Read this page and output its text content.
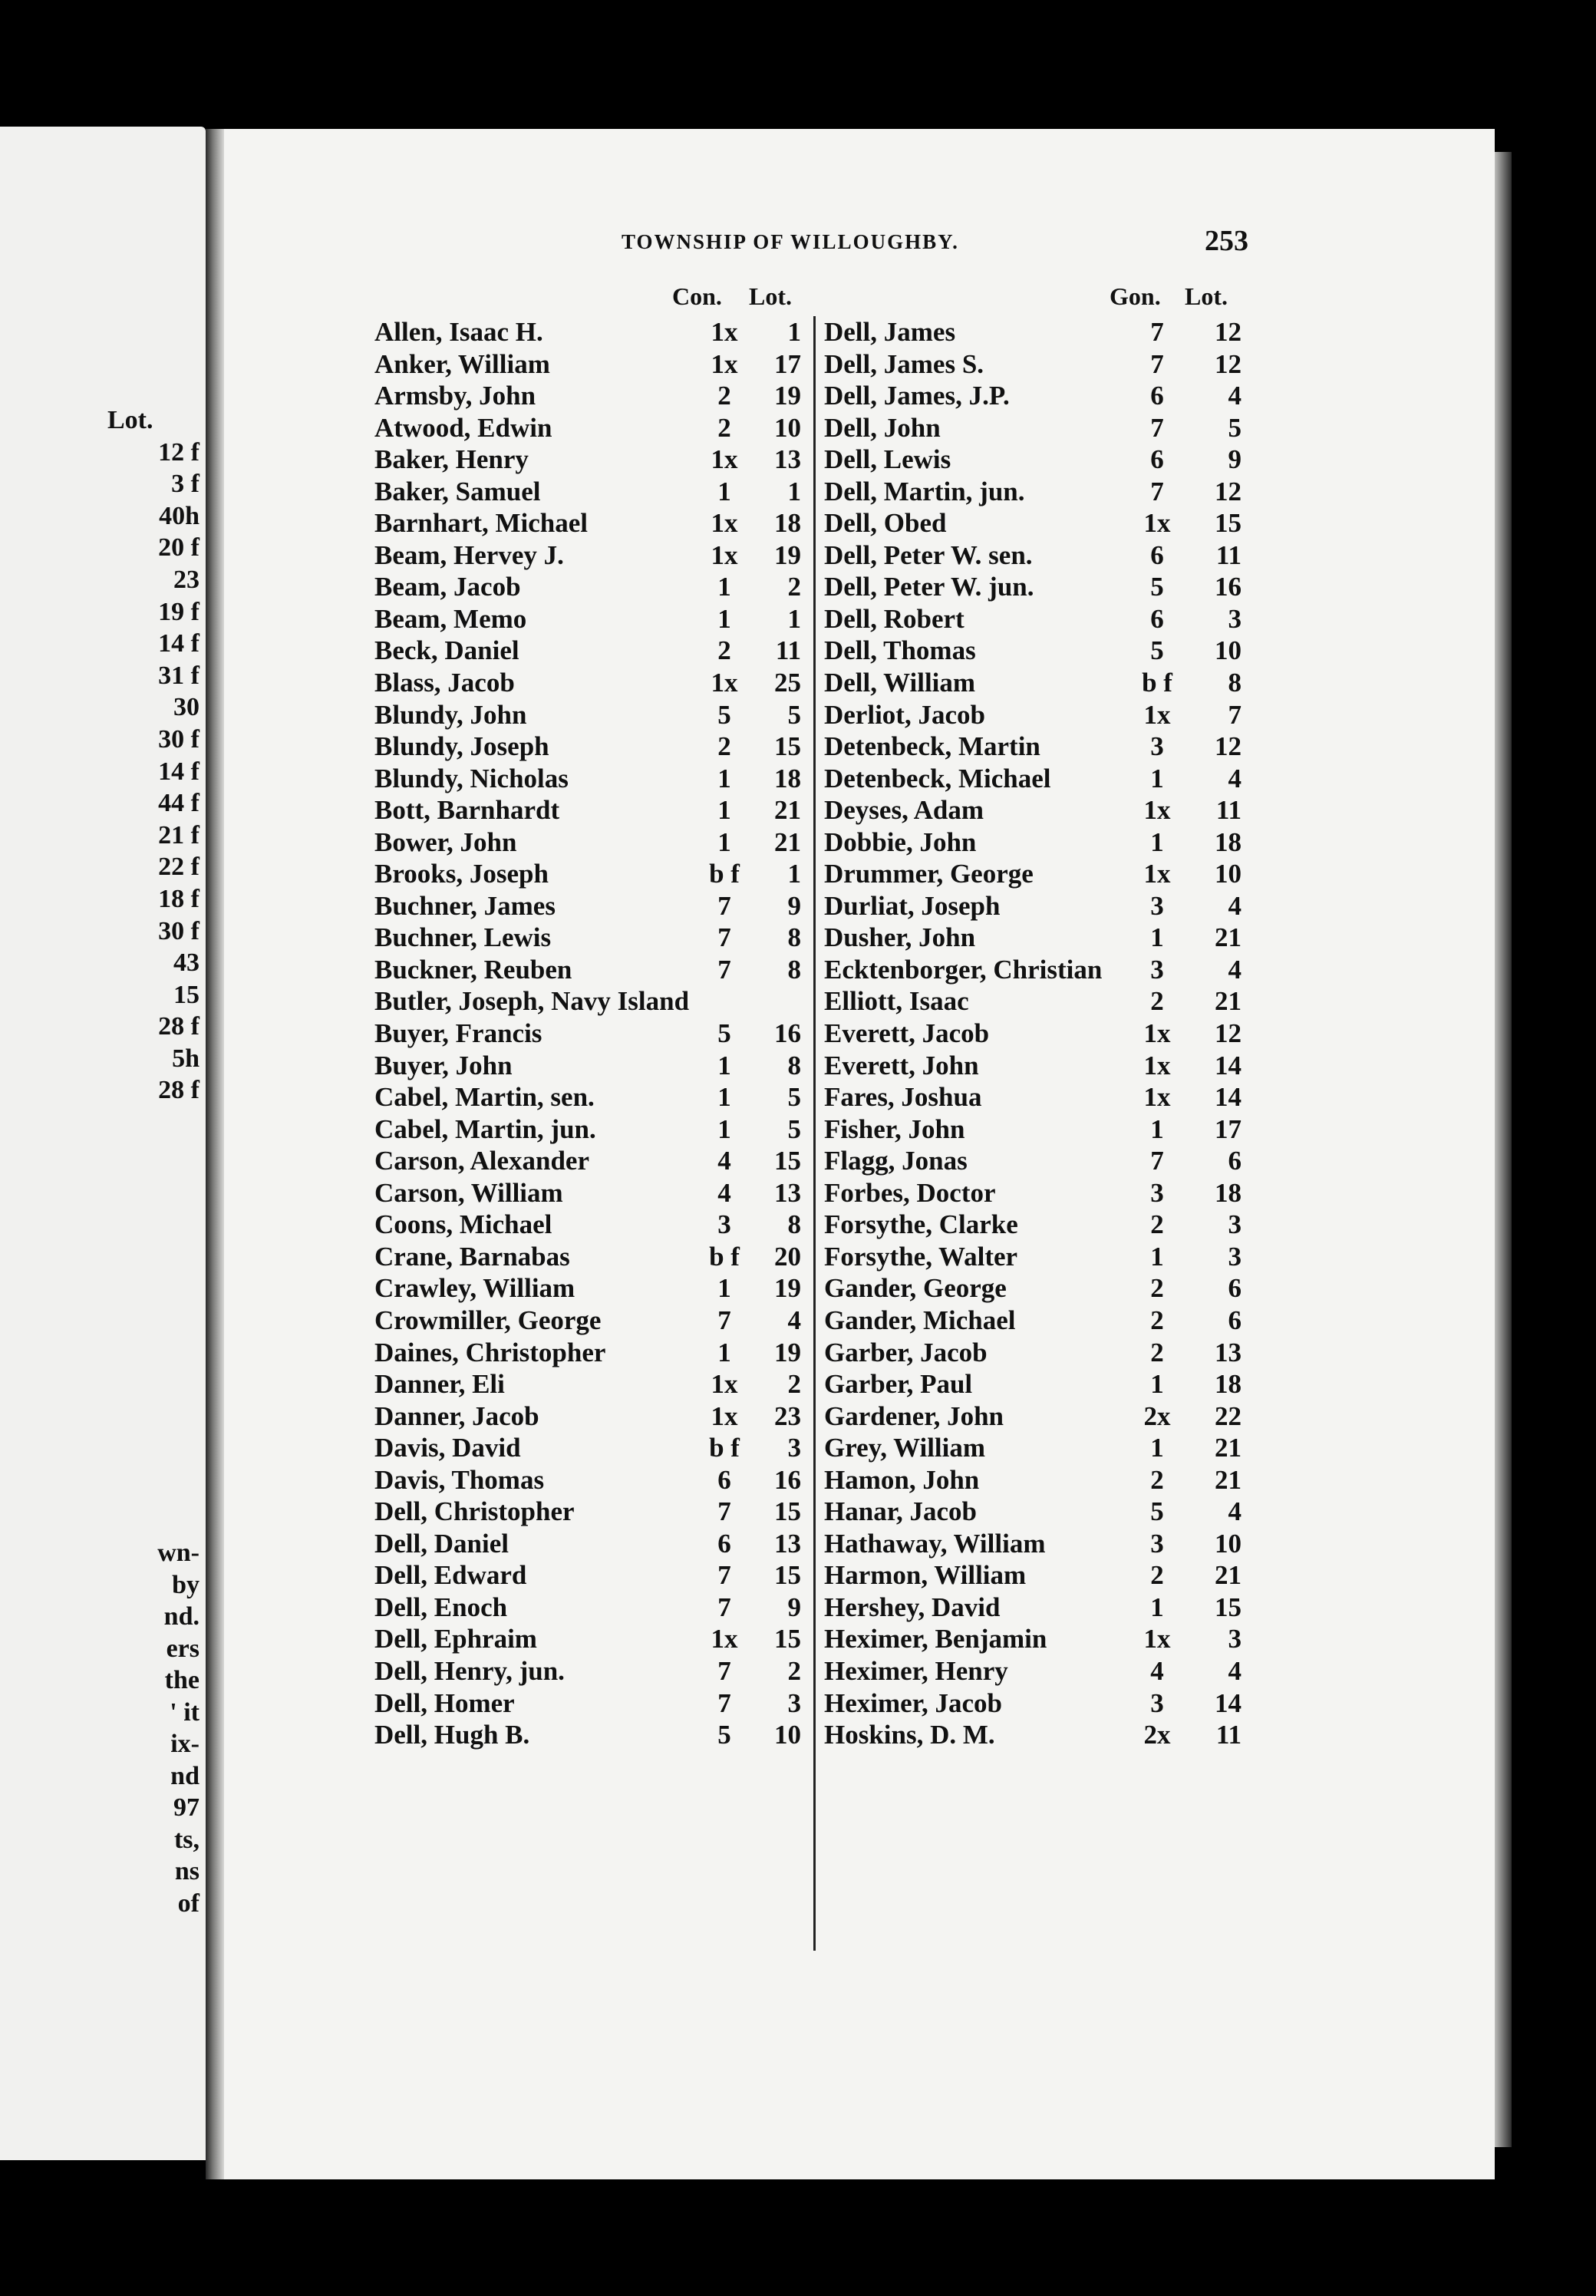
Lot.
12 f
3 f
40h
20 f
23
19 f
14 f
31 f
30
30 f
14 f
44 f
21 f
22 f
18 f
30 f
43
15
28 f
5h
28 f
wn-
by
nd.
ers
the
' it
ix-
nd
97
ts,
ns
of
TOWNSHIP OF WILLOUGHBY.	253
Con. Lot.
Allen, Isaac H.	1x	1
Anker, William	1x	17
Armsby, John	2	19
Atwood, Edwin	2	10
Baker, Henry	1x	13
Baker, Samuel	1	1
Barnhart, Michael	1x	18
Beam, Hervey J.	1x	19
Beam, Jacob	1	2
Beam, Memo	1	1
Beck, Daniel	2	11
Blass, Jacob	1x	25
Blundy, John	5	5
Blundy, Joseph	2	15
Blundy, Nicholas	1	18
Bott, Barnhardt	1	21
Bower, John	1	21
Brooks, Joseph	b f	1
Buchner, James	7	9
Buchner, Lewis	7	8
Buckner, Reuben	7	8
Butler, Joseph, Navy Island
Buyer, Francis	5	16
Buyer, John	1	8
Cabel, Martin, sen.	1	5
Cabel, Martin, jun.	1	5
Carson, Alexander	4	15
Carson, William	4	13
Coons, Michael	3	8
Crane, Barnabas	b f	20
Crawley, William	1	19
Crowmiller, George	7	4
Daines, Christopher	1	19
Danner, Eli	1x	2
Danner, Jacob	1x	23
Davis, David	b f	3
Davis, Thomas	6	16
Dell, Christopher	7	15
Dell, Daniel	6	13
Dell, Edward	7	15
Dell, Enoch	7	9
Dell, Ephraim	1x	15
Dell, Henry, jun.	7	2
Dell, Homer	7	3
Dell, Hugh B.	5	10
Gon. Lot.
Dell, James	7	12
Dell, James S.	7	12
Dell, James, J.P.	6	4
Dell, John	7	5
Dell, Lewis	6	9
Dell, Martin, jun.	7	12
Dell, Obed	1x	15
Dell, Peter W. sen.	6	11
Dell, Peter W. jun.	5	16
Dell, Robert	6	3
Dell, Thomas	5	10
Dell, William	b f	8
Derliot, Jacob	1x	7
Detenbeck, Martin	3	12
Detenbeck, Michael	1	4
Deyses, Adam	1x	11
Dobbie, John	1	18
Drummer, George	1x	10
Durliat, Joseph	3	4
Dusher, John	1	21
Ecktenborger, Christian	3	4
Elliott, Isaac	2	21
Everett, Jacob	1x	12
Everett, John	1x	14
Fares, Joshua	1x	14
Fisher, John	1	17
Flagg, Jonas	7	6
Forbes, Doctor	3	18
Forsythe, Clarke	2	3
Forsythe, Walter	1	3
Gander, George	2	6
Gander, Michael	2	6
Garber, Jacob	2	13
Garber, Paul	1	18
Gardener, John	2x	22
Grey, William	1	21
Hamon, John	2	21
Hanar, Jacob	5	4
Hathaway, William	3	10
Harmon, William	2	21
Hershey, David	1	15
Heximer, Benjamin	1x	3
Heximer, Henry	4	4
Heximer, Jacob	3	14
Hoskins, D. M.	2x	11
